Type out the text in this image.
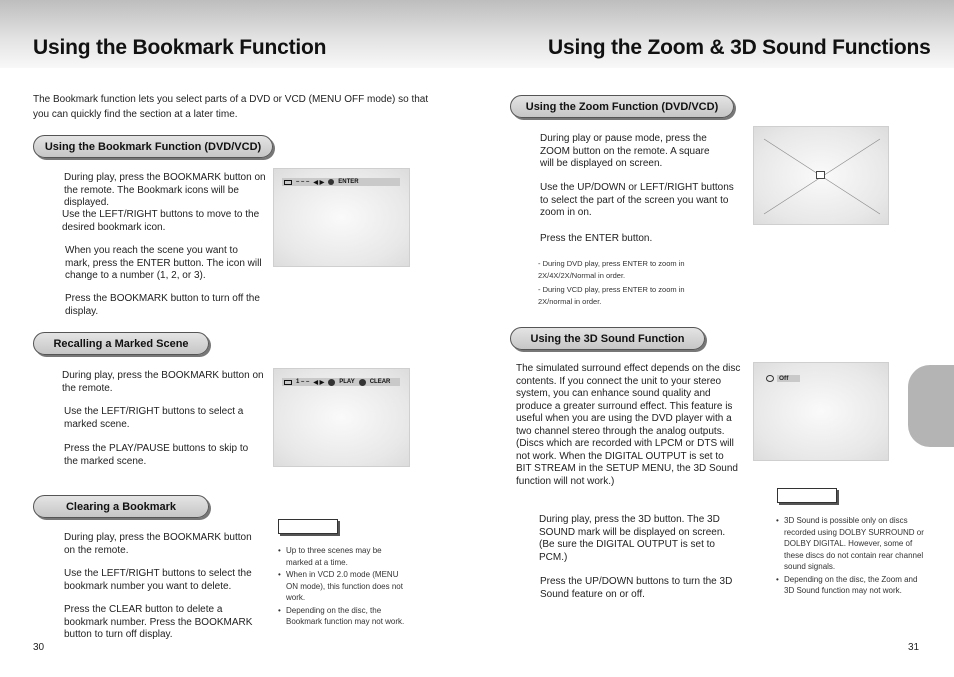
Using the Bookmark Function	Using the Zoom & 3D Sound Functions

The Bookmark function lets you select parts of a DVD or VCD (MENU OFF mode) so that you can quickly find the section at a later time.

Using the Bookmark Function (DVD/VCD)

During play, press the BOOKMARK button on the remote. The Bookmark icons will be displayed.

Use the LEFT/RIGHT buttons to move to the desired bookmark icon.

When you reach the scene you want to mark, press the ENTER button. The icon will change to a number (1, 2, or 3).

Press the BOOKMARK button to turn off the display.

– – – ◀ ▶ ENTER
Recalling a Marked Scene

During play, press the BOOKMARK button on the remote.

Use the LEFT/RIGHT buttons to select a marked scene.

Press the PLAY/PAUSE buttons to skip to the marked scene.

1 – – ◀ ▶	PLAY	CLEAR
Clearing a Bookmark

During play, press the BOOKMARK button on the remote.

Use the LEFT/RIGHT buttons to select the bookmark number you want to delete.

Press the CLEAR button to delete a bookmark number. Press the BOOKMARK button to turn off display.

• Up to three scenes may be marked at a time.
• When in VCD 2.0 mode (MENU ON mode), this function does not work.
• Depending on the disc, the Bookmark function may not work.
30
Using the Zoom Function (DVD/VCD)

During play or pause mode, press the ZOOM button on the remote. A square will be displayed on screen.

Use the UP/DOWN or LEFT/RIGHT buttons to select the part of the screen you want to zoom in on.

Press the ENTER button.

- During DVD play, press ENTER to zoom in 2X/4X/2X/Normal in order.
- During VCD play, press ENTER to zoom in 2X/normal in order.
Using the 3D Sound Function

The simulated surround effect depends on the disc contents. If you connect the unit to your stereo system, you can enhance sound quality and produce a greater surround effect. This feature is useful when you are using the DVD player with a two channel stereo through the analog outputs. (Discs which are recorded with LPCM or DTS will not work. When the DIGITAL OUTPUT is set to BIT STREAM in the SETUP MENU, the 3D Sound function will not work.)

During play, press the 3D button. The 3D SOUND mark will be displayed on screen. (Be sure the DIGITAL OUTPUT is set to PCM.)

Press the UP/DOWN buttons to turn the 3D Sound feature on or off.

Off
• 3D Sound is possible only on discs recorded using DOLBY SURROUND or DOLBY DIGITAL. However, some of these discs do not contain rear channel sound signals.
• Depending on the disc, the Zoom and 3D Sound function may not work.
31
